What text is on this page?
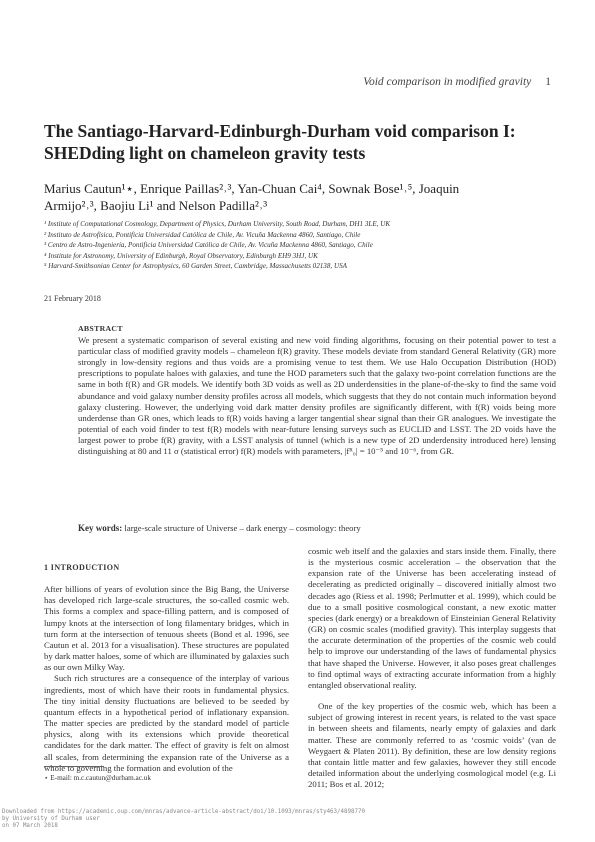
Void comparison in modified gravity 1
The Santiago-Harvard-Edinburgh-Durham void comparison I:
SHEDding light on chameleon gravity tests
Marius Cautun¹⋆, Enrique Paillas²˒³, Yan-Chuan Cai⁴, Sownak Bose¹˒⁵, Joaquin
Armijo²˒³, Baojiu Li¹ and Nelson Padilla²˒³
¹ Institute of Computational Cosmology, Department of Physics, Durham University, South Road, Durham, DH1 3LE, UK
² Instituto de Astrofísica, Pontificia Universidad Católica de Chile, Av. Vicuña Mackenna 4860, Santiago, Chile
³ Centro de Astro-Ingeniería, Pontificia Universidad Católica de Chile, Av. Vicuña Mackenna 4860, Santiago, Chile
⁴ Institute for Astronomy, University of Edinburgh, Royal Observatory, Edinburgh EH9 3HJ, UK
⁵ Harvard-Smithsonian Center for Astrophysics, 60 Garden Street, Cambridge, Massachusetts 02138, USA
21 February 2018
ABSTRACT
We present a systematic comparison of several existing and new void finding algorithms, focusing on their potential power to test a particular class of modified gravity models – chameleon f(R) gravity. These models deviate from standard General Relativity (GR) more strongly in low-density regions and thus voids are a promising venue to test them. We use Halo Occupation Distribution (HOD) prescriptions to populate haloes with galaxies, and tune the HOD parameters such that the galaxy two-point correlation functions are the same in both f(R) and GR models. We identify both 3D voids as well as 2D underdensities in the plane-of-the-sky to find the same void abundance and void galaxy number density profiles across all models, which suggests that they do not contain much information beyond galaxy clustering. However, the underlying void dark matter density profiles are significantly different, with f(R) voids being more underdense than GR ones, which leads to f(R) voids having a larger tangential shear signal than their GR analogues. We investigate the potential of each void finder to test f(R) models with near-future lensing surveys such as EUCLID and LSST. The 2D voids have the largest power to probe f(R) gravity, with a LSST analysis of tunnel (which is a new type of 2D underdensity introduced here) lensing distinguishing at 80 and 11 σ (statistical error) f(R) models with parameters, |fᴿ₀| = 10⁻⁵ and 10⁻⁶, from GR.
Key words: large-scale structure of Universe – dark energy – cosmology: theory
1 INTRODUCTION

After billions of years of evolution since the Big Bang, the Universe has developed rich large-scale structures, the so-called cosmic web. This forms a complex and space-filling pattern, and is composed of lumpy knots at the intersection of long filamentary bridges, which in turn form at the intersection of tenuous sheets (Bond et al. 1996, see Cautun et al. 2013 for a visualisation). These structures are populated by dark matter haloes, some of which are illuminated by galaxies such as our own Milky Way.

Such rich structures are a consequence of the interplay of various ingredients, most of which have their roots in fundamental physics. The tiny initial density fluctuations are believed to be seeded by quantum effects in a hypothetical period of inflationary expansion. The matter species are predicted by the standard model of particle physics, along with its extensions which provide theoretical candidates for the dark matter. The effect of gravity is felt on almost all scales, from determining the expansion rate of the Universe as a whole to governing the formation and evolution of the

cosmic web itself and the galaxies and stars inside them. Finally, there is the mysterious cosmic acceleration – the observation that the expansion rate of the Universe has been accelerating instead of decelerating as predicted originally – discovered initially almost two decades ago (Riess et al. 1998; Perlmutter et al. 1999), which could be due to a small positive cosmological constant, a new exotic matter species (dark energy) or a breakdown of Einsteinian General Relativity (GR) on cosmic scales (modified gravity). This interplay suggests that the accurate determination of the properties of the cosmic web could help to improve our understanding of the laws of fundamental physics that have shaped the Universe. However, it also poses great challenges to find optimal ways of extracting accurate information from a highly entangled observational reality.

One of the key properties of the cosmic web, which has been a subject of growing interest in recent years, is related to the vast space in between sheets and filaments, nearly empty of galaxies and dark matter. These are commonly referred to as ‘cosmic voids’ (van de Weygaert & Platen 2011). By definition, these are low density regions that contain little matter and few galaxies, however they still encode detailed information about the underlying cosmological model (e.g. Li 2011; Bos et al. 2012;

⋆ E-mail: m.c.cautun@durham.ac.uk
Downloaded from https://academic.oup.com/mnras/advance-article-abstract/doi/10.1093/mnras/sty463/4898770
by University of Durham user
on 07 March 2018
